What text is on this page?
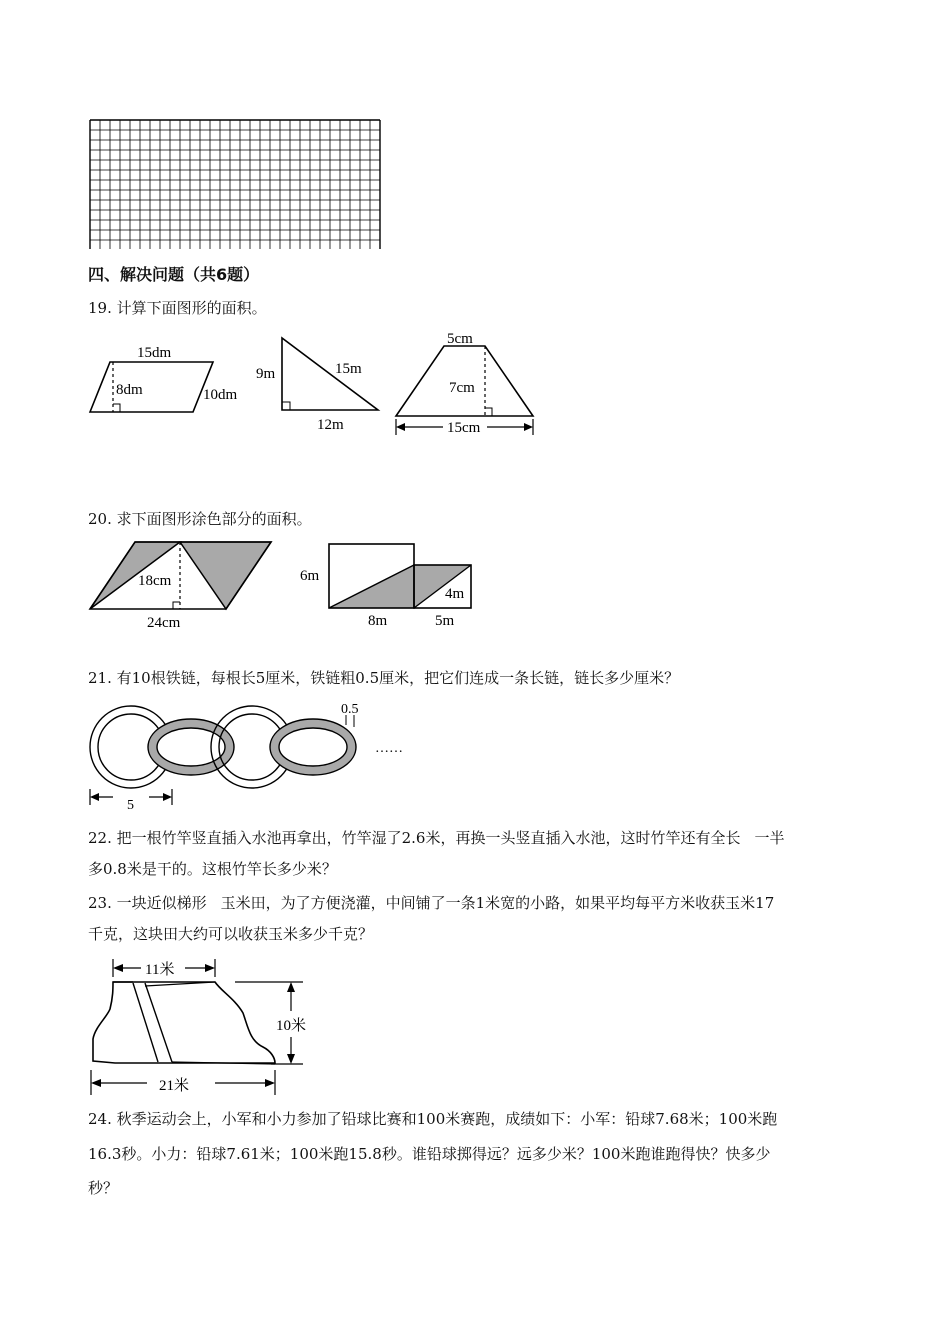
四、解决问题（共6题）
19. 计算下面图形的面积。
15dm
8dm	10dm
9m	15m
12m
5cm
7cm
15cm
20. 求下面图形涂色部分的面积。
18cm
24cm
6m
4m
8m	5m
21. 有10根铁链，每根长5厘米，铁链粗0.5厘米，把它们连成一条长链，链长多少厘米？
0.5
……
5
22. 把一根竹竿竖直插入水池再拿出，竹竿湿了2.6米，再换一头竖直插入水池，这时竹竿还有全长 一半
多0.8米是干的。这根竹竿长多少米？
23. 一块近似梯形 玉米田，为了方便浇灌，中间铺了一条1米宽的小路，如果平均每平方米收获玉米17
千克，这块田大约可以收获玉米多少千克？
11米
10米
21米
24. 秋季运动会上，小军和小力参加了铅球比赛和100米赛跑，成绩如下：小军：铅球7.68米；100米跑
16.3秒。小力：铅球7.61米；100米跑15.8秒。谁铅球掷得远？远多少米？100米跑谁跑得快？快多少
秒？
